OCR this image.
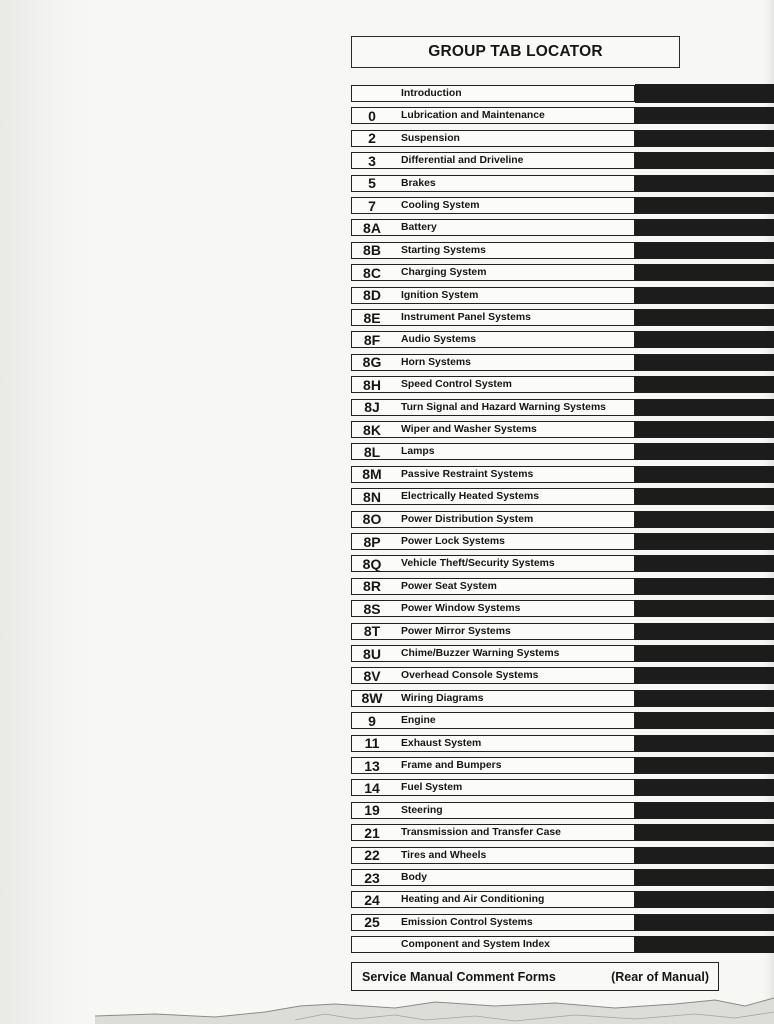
GROUP TAB LOCATOR
Introduction
0	Lubrication and Maintenance
2	Suspension
3	Differential and Driveline
5	Brakes
7	Cooling System
8A	Battery
8B	Starting Systems
8C	Charging System
8D	Ignition System
8E	Instrument Panel Systems
8F	Audio Systems
8G	Horn Systems
8H	Speed Control System
8J	Turn Signal and Hazard Warning Systems
8K	Wiper and Washer Systems
8L	Lamps
8M	Passive Restraint Systems
8N	Electrically Heated Systems
8O	Power Distribution System
8P	Power Lock Systems
8Q	Vehicle Theft/Security Systems
8R	Power Seat System
8S	Power Window Systems
8T	Power Mirror Systems
8U	Chime/Buzzer Warning Systems
8V	Overhead Console Systems
8W	Wiring Diagrams
9	Engine
11	Exhaust System
13	Frame and Bumpers
14	Fuel System
19	Steering
21	Transmission and Transfer Case
22	Tires and Wheels
23	Body
24	Heating and Air Conditioning
25	Emission Control Systems
Component and System Index
Service Manual Comment Forms	(Rear of Manual)
